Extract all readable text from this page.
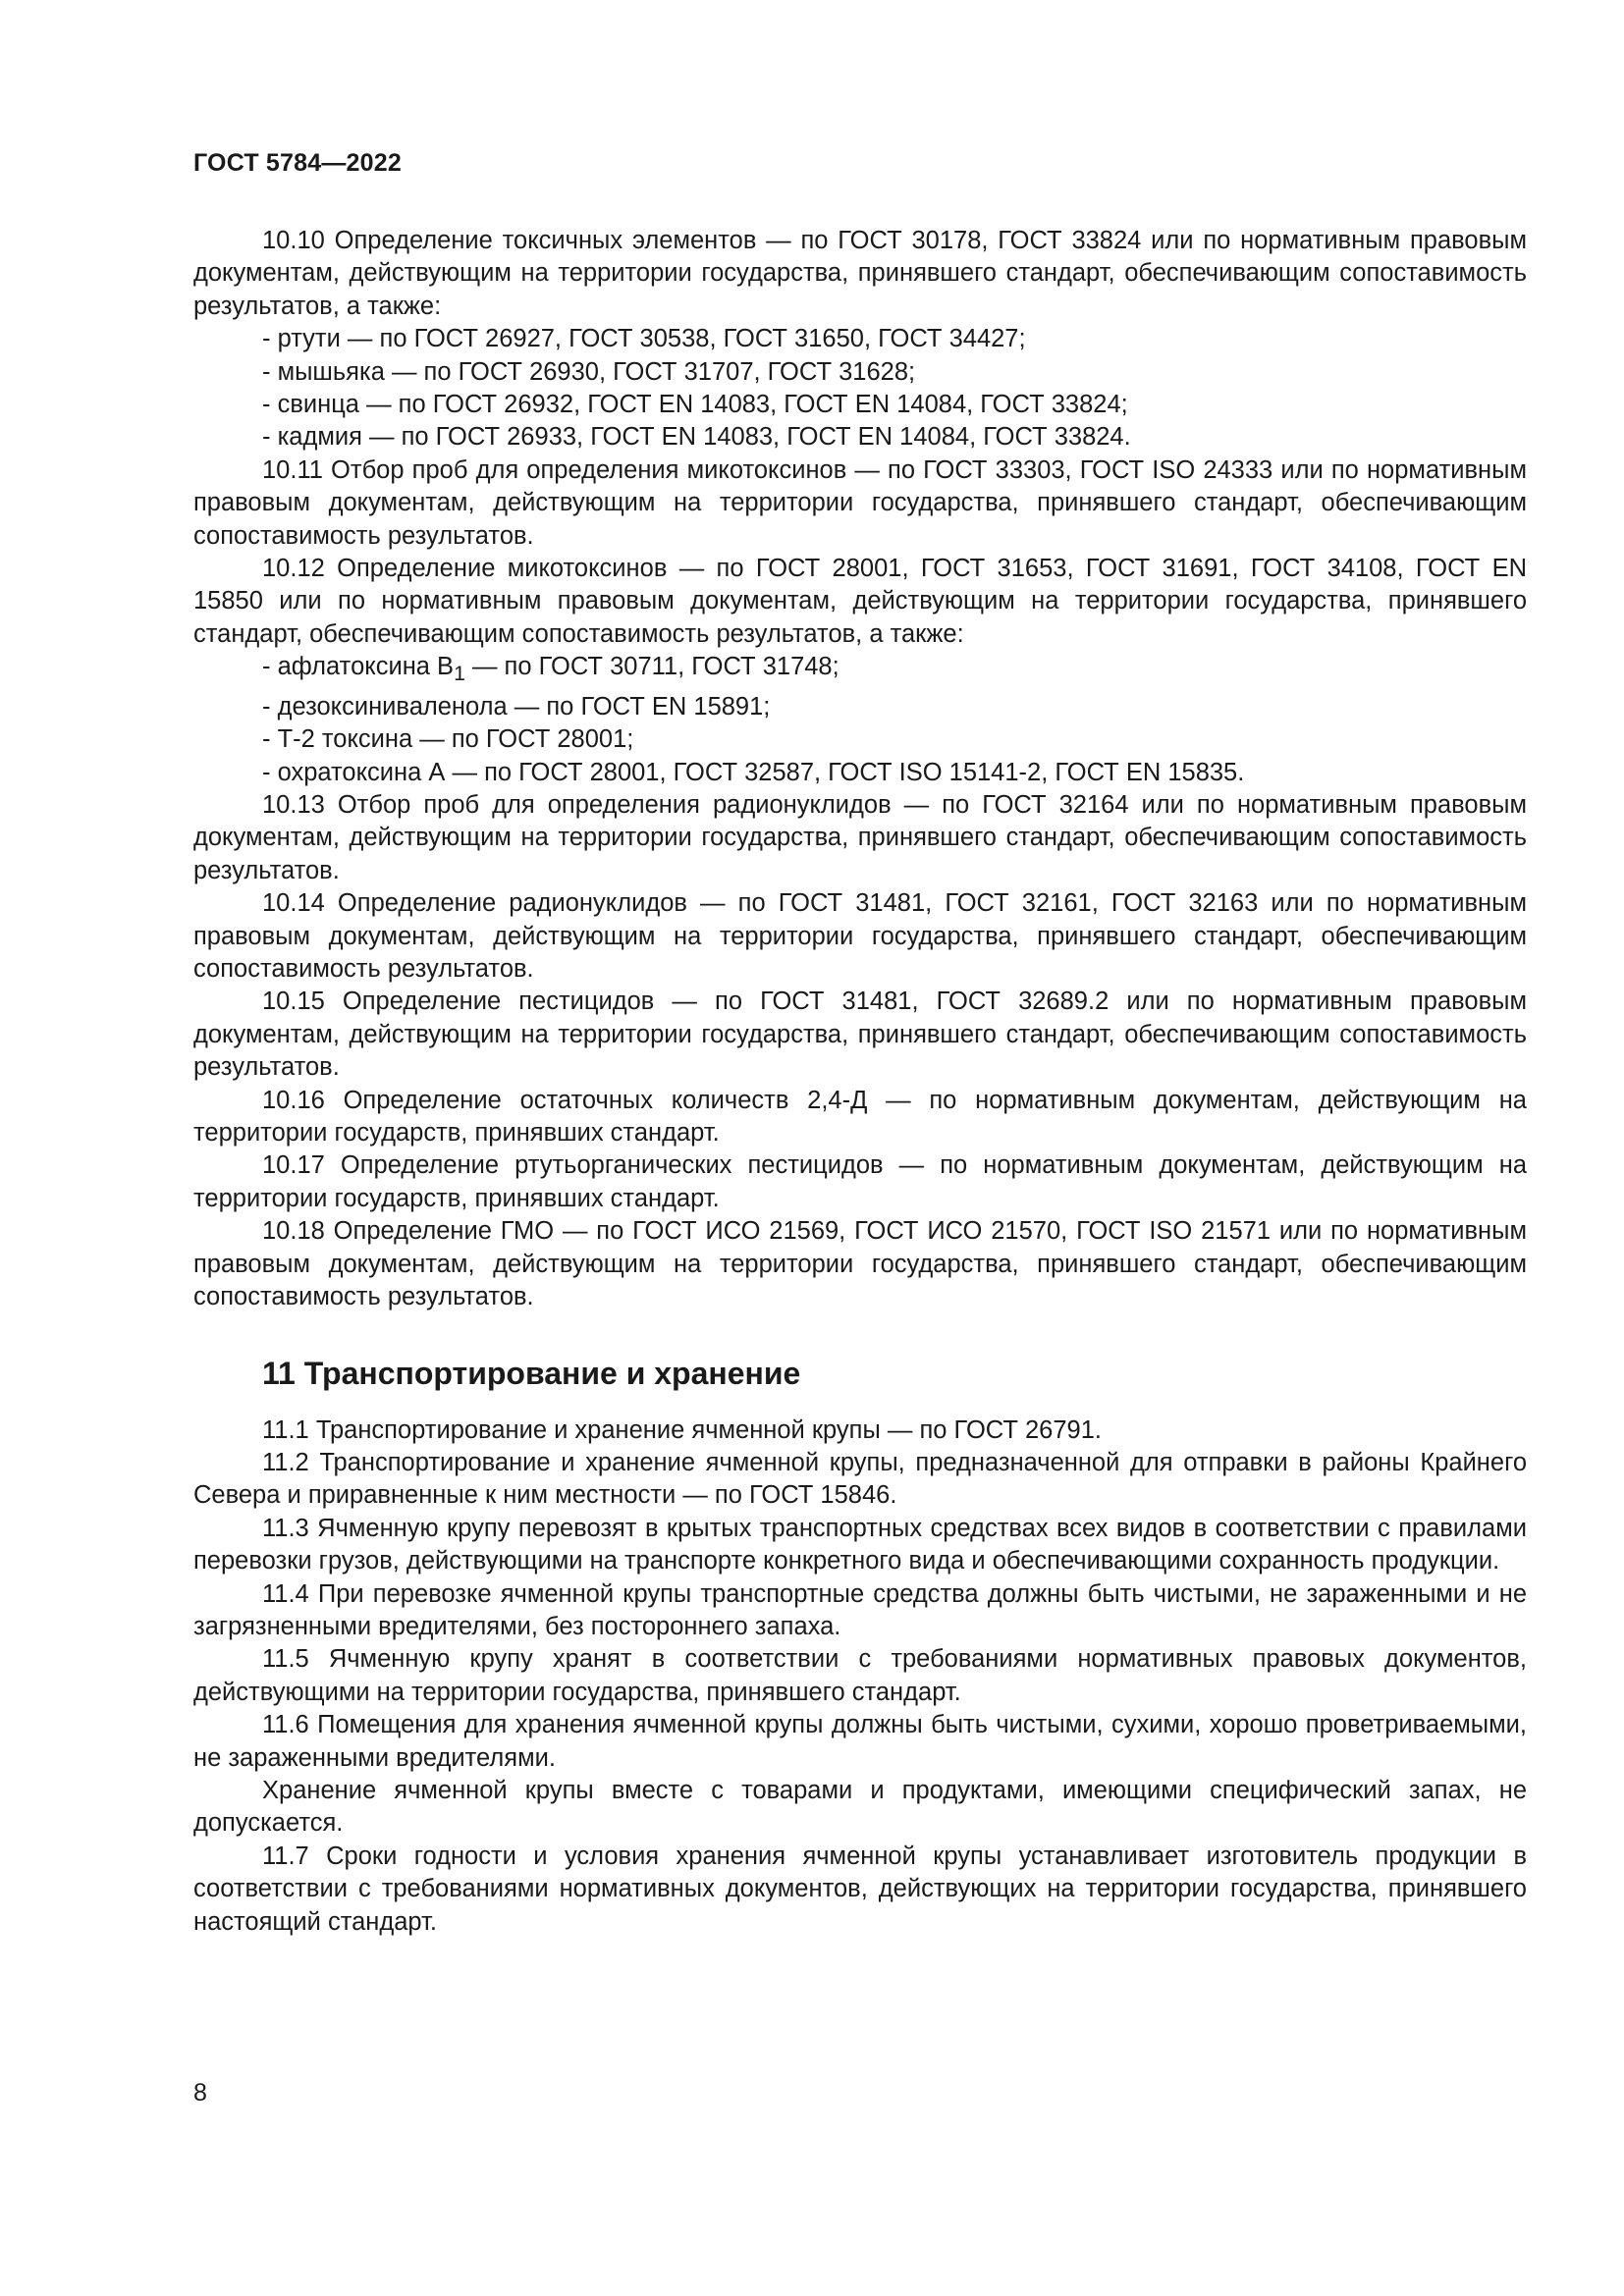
ГОСТ 5784—2022

10.10 Определение токсичных элементов — по ГОСТ 30178, ГОСТ 33824 или по нормативным правовым документам, действующим на территории государства, принявшего стандарт, обеспечивающим сопоставимость результатов, а также:

- ртути — по ГОСТ 26927, ГОСТ 30538, ГОСТ 31650, ГОСТ 34427;

- мышьяка — по ГОСТ 26930, ГОСТ 31707, ГОСТ 31628;

- свинца — по ГОСТ 26932, ГОСТ EN 14083, ГОСТ EN 14084, ГОСТ 33824;

- кадмия — по ГОСТ 26933, ГОСТ EN 14083, ГОСТ EN 14084, ГОСТ 33824.

10.11 Отбор проб для определения микотоксинов — по ГОСТ 33303, ГОСТ ISO 24333 или по нормативным правовым документам, действующим на территории государства, принявшего стандарт, обеспечивающим сопоставимость результатов.

10.12 Определение микотоксинов — по ГОСТ 28001, ГОСТ 31653, ГОСТ 31691, ГОСТ 34108, ГОСТ EN 15850 или по нормативным правовым документам, действующим на территории государства, принявшего стандарт, обеспечивающим сопоставимость результатов, а также:

- афлатоксина $B_1$ — по ГОСТ 30711, ГОСТ 31748;

- дезоксиниваленола — по ГОСТ EN 15891;

- Т-2 токсина — по ГОСТ 28001;

- охратоксина А — по ГОСТ 28001, ГОСТ 32587, ГОСТ ISO 15141-2, ГОСТ EN 15835.

10.13 Отбор проб для определения радионуклидов — по ГОСТ 32164 или по нормативным правовым документам, действующим на территории государства, принявшего стандарт, обеспечивающим сопоставимость результатов.

10.14 Определение радионуклидов — по ГОСТ 31481, ГОСТ 32161, ГОСТ 32163 или по нормативным правовым документам, действующим на территории государства, принявшего стандарт, обеспечивающим сопоставимость результатов.

10.15 Определение пестицидов — по ГОСТ 31481, ГОСТ 32689.2 или по нормативным правовым документам, действующим на территории государства, принявшего стандарт, обеспечивающим сопоставимость результатов.

10.16 Определение остаточных количеств 2,4-Д — по нормативным документам, действующим на территории государств, принявших стандарт.

10.17 Определение ртутьорганических пестицидов — по нормативным документам, действующим на территории государств, принявших стандарт.

10.18 Определение ГМО — по ГОСТ ИСО 21569, ГОСТ ИСО 21570, ГОСТ ISO 21571 или по нормативным правовым документам, действующим на территории государства, принявшего стандарт, обеспечивающим сопоставимость результатов.

11 Транспортирование и хранение

11.1 Транспортирование и хранение ячменной крупы — по ГОСТ 26791.

11.2 Транспортирование и хранение ячменной крупы, предназначенной для отправки в районы Крайнего Севера и приравненные к ним местности — по ГОСТ 15846.

11.3 Ячменную крупу перевозят в крытых транспортных средствах всех видов в соответствии с правилами перевозки грузов, действующими на транспорте конкретного вида и обеспечивающими сохранность продукции.

11.4 При перевозке ячменной крупы транспортные средства должны быть чистыми, не зараженными и не загрязненными вредителями, без постороннего запаха.

11.5 Ячменную крупу хранят в соответствии с требованиями нормативных правовых документов, действующими на территории государства, принявшего стандарт.

11.6 Помещения для хранения ячменной крупы должны быть чистыми, сухими, хорошо проветриваемыми, не зараженными вредителями.

Хранение ячменной крупы вместе с товарами и продуктами, имеющими специфический запах, не допускается.

11.7 Сроки годности и условия хранения ячменной крупы устанавливает изготовитель продукции в соответствии с требованиями нормативных документов, действующих на территории государства, принявшего настоящий стандарт.

8
